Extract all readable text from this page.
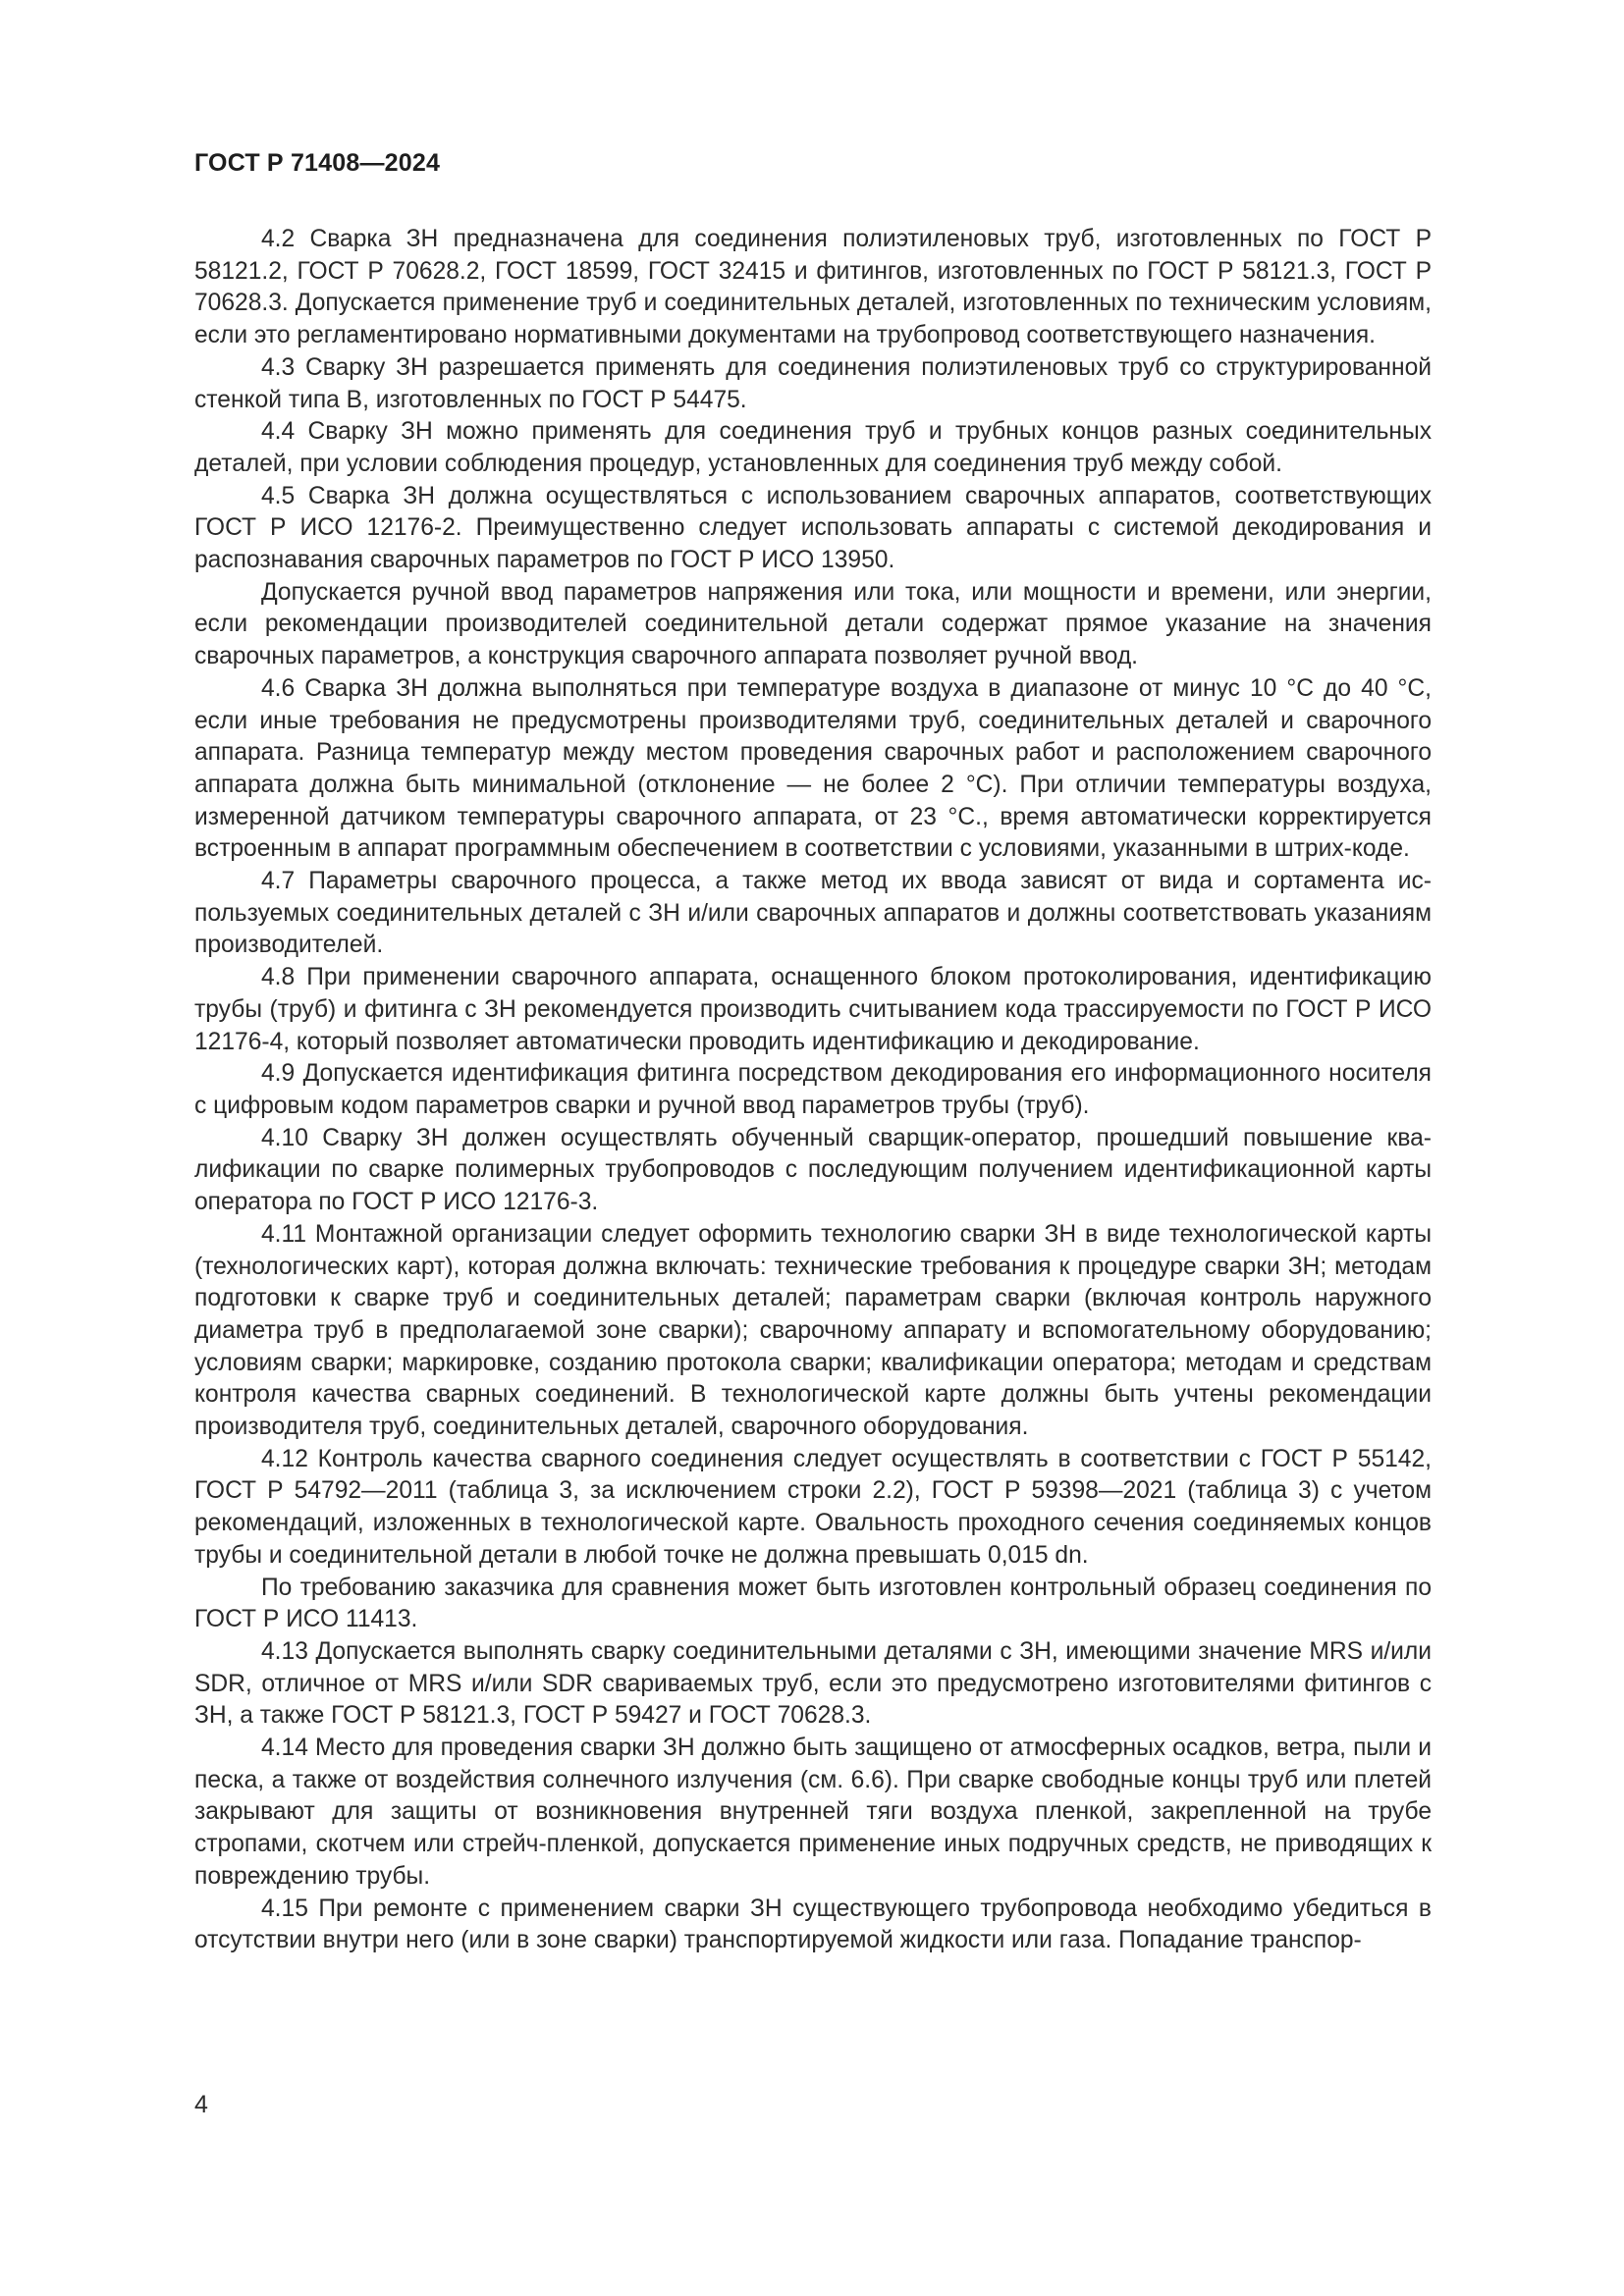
ГОСТ Р 71408—2024

4.2 Сварка ЗН предназначена для соединения полиэтиленовых труб, изготовленных по ГОСТ Р 58121.2, ГОСТ Р 70628.2, ГОСТ 18599, ГОСТ 32415 и фитингов, изготовленных по ГОСТ Р 58121.3, ГОСТ Р 70628.3. Допускается применение труб и соединительных деталей, изготовленных по техническим условиям, если это регламентировано нормативными документами на трубопровод соответствующего назначения.

4.3 Сварку ЗН разрешается применять для соединения полиэтиленовых труб со структурированной стенкой типа В, изготовленных по ГОСТ Р 54475.

4.4 Сварку ЗН можно применять для соединения труб и трубных концов разных соединительных деталей, при условии соблюдения процедур, установленных для соединения труб между собой.

4.5 Сварка ЗН должна осуществляться с использованием сварочных аппаратов, соответствующих ГОСТ Р ИСО 12176-2. Преимущественно следует использовать аппараты с системой декодирования и распознавания сварочных параметров по ГОСТ Р ИСО 13950.

Допускается ручной ввод параметров напряжения или тока, или мощности и времени, или энергии, если рекомендации производителей соединительной детали содержат прямое указание на значения сварочных параметров, а конструкция сварочного аппарата позволяет ручной ввод.

4.6 Сварка ЗН должна выполняться при температуре воздуха в диапазоне от минус 10 °C до 40 °C, если иные требования не предусмотрены производителями труб, соединительных деталей и сварочного аппарата. Разница температур между местом проведения сварочных работ и расположением сварочного аппарата должна быть минимальной (отклонение — не более 2 °C). При отличии температуры воздуха, измеренной датчиком температуры сварочного аппарата, от 23 °C., время автоматически корректируется встроенным в аппарат программным обеспечением в соответствии с условиями, указанными в штрих-коде.

4.7 Параметры сварочного процесса, а также метод их ввода зависят от вида и сортамента используемых соединительных деталей с ЗН и/или сварочных аппаратов и должны соответствовать указаниям производителей.

4.8 При применении сварочного аппарата, оснащенного блоком протоколирования, идентификацию трубы (труб) и фитинга с ЗН рекомендуется производить считыванием кода трассируемости по ГОСТ Р ИСО 12176-4, который позволяет автоматически проводить идентификацию и декодирование.

4.9 Допускается идентификация фитинга посредством декодирования его информационного носителя с цифровым кодом параметров сварки и ручной ввод параметров трубы (труб).

4.10 Сварку ЗН должен осуществлять обученный сварщик-оператор, прошедший повышение квалификации по сварке полимерных трубопроводов с последующим получением идентификационной карты оператора по ГОСТ Р ИСО 12176-3.

4.11 Монтажной организации следует оформить технологию сварки ЗН в виде технологической карты (технологических карт), которая должна включать: технические требования к процедуре сварки ЗН; методам подготовки к сварке труб и соединительных деталей; параметрам сварки (включая контроль наружного диаметра труб в предполагаемой зоне сварки); сварочному аппарату и вспомогательному оборудованию; условиям сварки; маркировке, созданию протокола сварки; квалификации оператора; методам и средствам контроля качества сварных соединений. В технологической карте должны быть учтены рекомендации производителя труб, соединительных деталей, сварочного оборудования.

4.12 Контроль качества сварного соединения следует осуществлять в соответствии с ГОСТ Р 55142, ГОСТ Р 54792—2011 (таблица 3, за исключением строки 2.2), ГОСТ Р 59398—2021 (таблица 3) с учетом рекомендаций, изложенных в технологической карте. Овальность проходного сечения соединяемых концов трубы и соединительной детали в любой точке не должна превышать 0,015 dn.

По требованию заказчика для сравнения может быть изготовлен контрольный образец соединения по ГОСТ Р ИСО 11413.

4.13 Допускается выполнять сварку соединительными деталями с ЗН, имеющими значение MRS и/или SDR, отличное от MRS и/или SDR свариваемых труб, если это предусмотрено изготовителями фитингов с ЗН, а также ГОСТ Р 58121.3, ГОСТ Р 59427 и ГОСТ 70628.3.

4.14 Место для проведения сварки ЗН должно быть защищено от атмосферных осадков, ветра, пыли и песка, а также от воздействия солнечного излучения (см. 6.6). При сварке свободные концы труб или плетей закрывают для защиты от возникновения внутренней тяги воздуха пленкой, закрепленной на трубе стропами, скотчем или стрейч-пленкой, допускается применение иных подручных средств, не приводящих к повреждению трубы.

4.15 При ремонте с применением сварки ЗН существующего трубопровода необходимо убедиться в отсутствии внутри него (или в зоне сварки) транспортируемой жидкости или газа. Попадание транспор-

4
